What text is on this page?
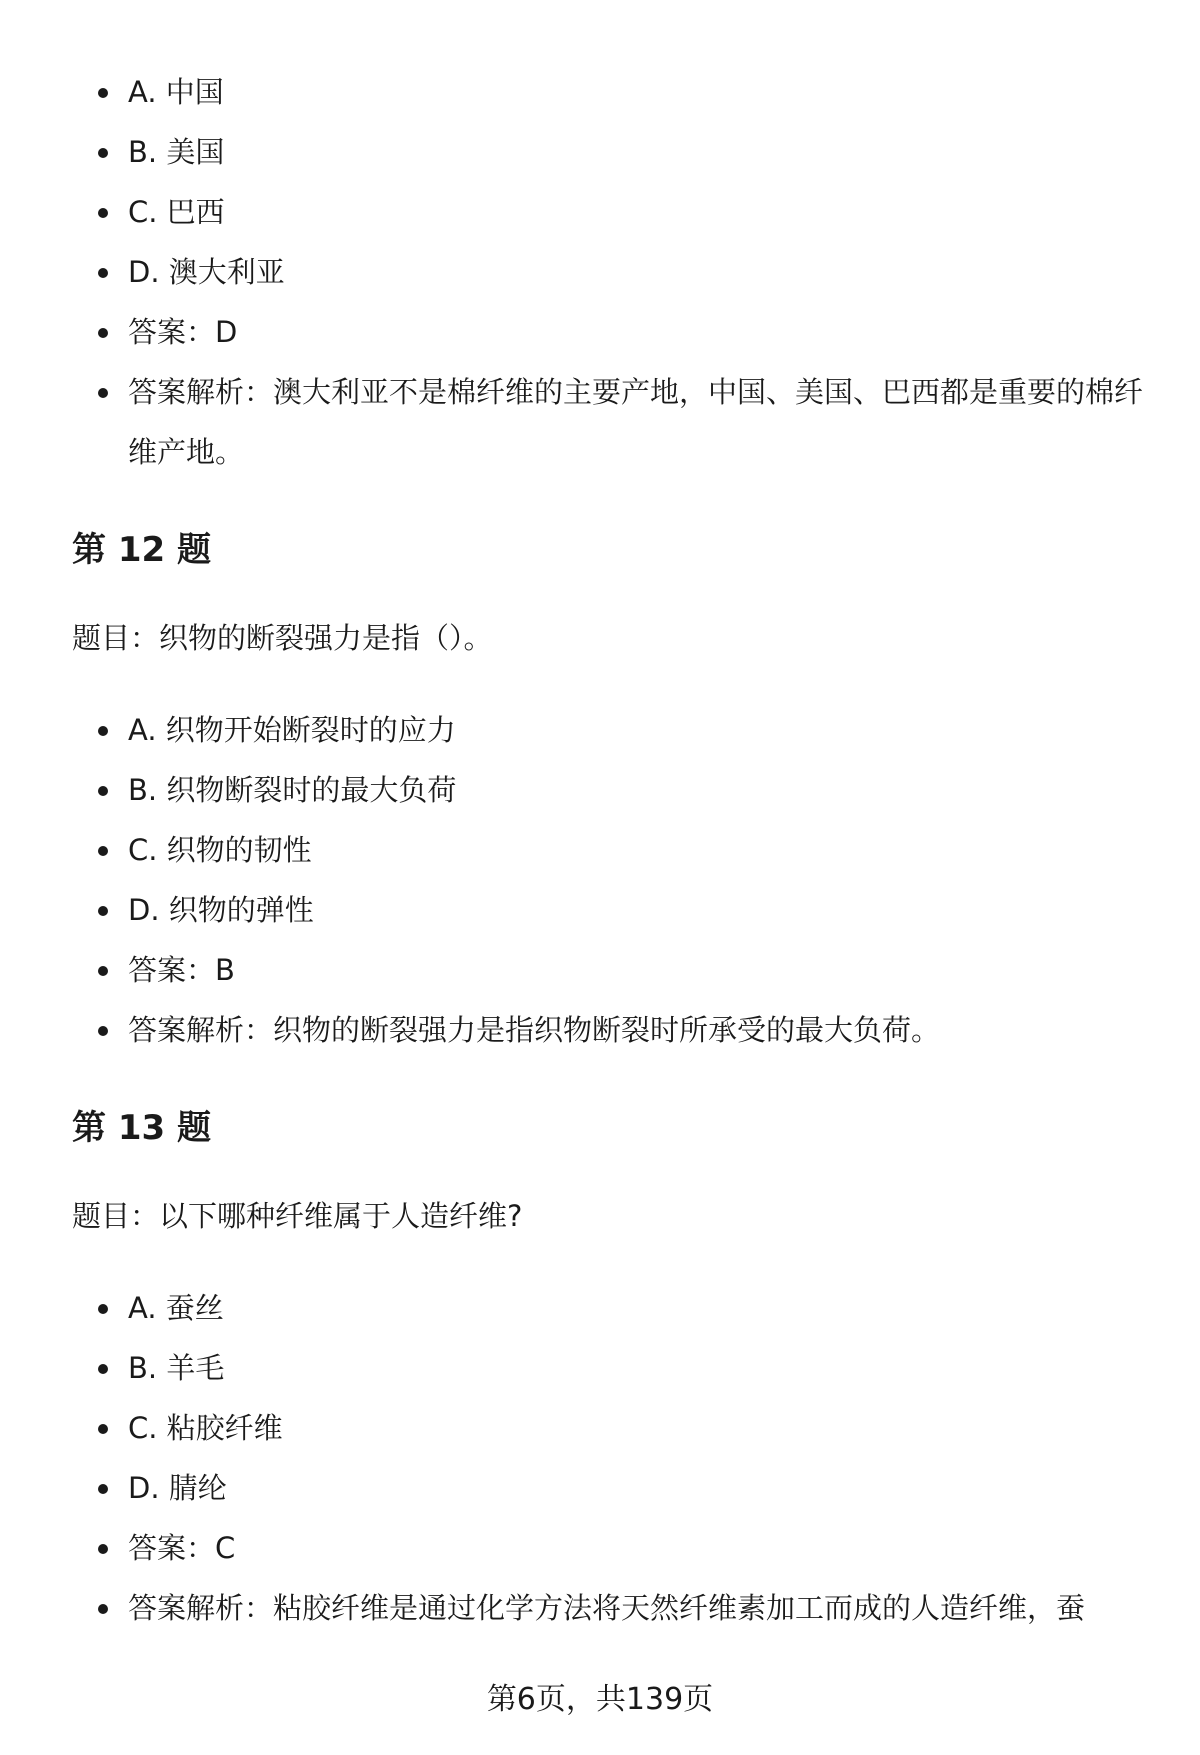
A. 中国
B. 美国
C. 巴西
D. 澳大利亚
答案：D
答案解析：澳大利亚不是棉纤维的主要产地，中国、美国、巴西都是重要的棉纤维产地。
第 12 题

题目：织物的断裂强力是指（）。

A. 织物开始断裂时的应力
B. 织物断裂时的最大负荷
C. 织物的韧性
D. 织物的弹性
答案：B
答案解析：织物的断裂强力是指织物断裂时所承受的最大负荷。
第 13 题

题目：以下哪种纤维属于人造纤维?

A. 蚕丝
B. 羊毛
C. 粘胶纤维
D. 腈纶
答案：C
答案解析：粘胶纤维是通过化学方法将天然纤维素加工而成的人造纤维，蚕
第6页，共139页
